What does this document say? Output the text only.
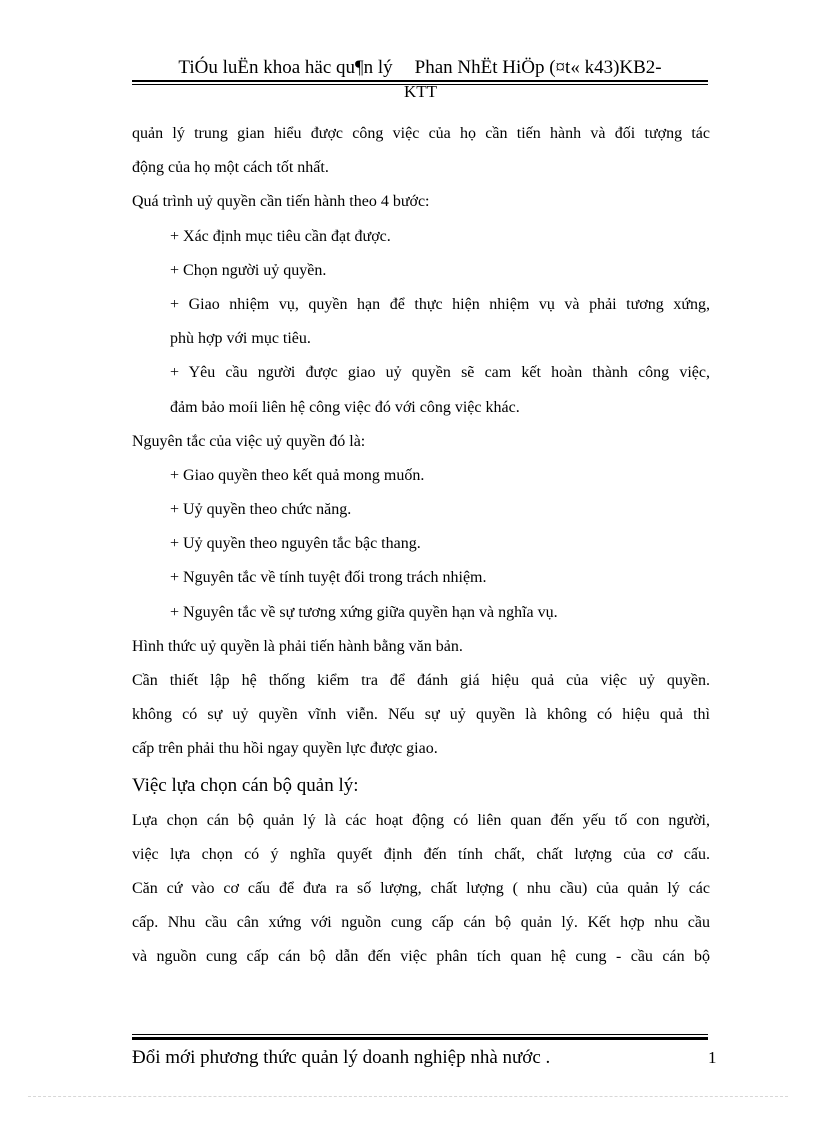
TiÓu luËn khoa häc qu¶n lý Phan NhËt HiÖp (¤t« k43)KB2-
KTT
quản lý trung gian hiểu được công việc của họ cần tiến hành và đối tượng tác
động của họ một cách tốt nhất.
Quá trình uỷ quyền cần tiến hành theo 4 bước:
+ Xác định mục tiêu cần đạt được.
+ Chọn người uỷ quyền.
+ Giao nhiệm vụ, quyền hạn để thực hiện nhiệm vụ và phải tương xứng,
phù hợp với mục tiêu.
+ Yêu cầu người được giao uỷ quyền sẽ cam kết hoàn thành công việc,
đảm bảo moíi liên hệ công việc đó với công việc khác.
Nguyên tắc của việc uỷ quyền đó là:
+ Giao quyền theo kết quả mong muốn.
+ Uỷ quyền theo chức năng.
+ Uỷ quyền theo nguyên tắc bậc thang.
+ Nguyên tắc về tính tuyệt đối trong trách nhiệm.
+ Nguyên tắc về sự tương xứng giữa quyền hạn và nghĩa vụ.
Hình thức uỷ quyền là phải tiến hành bằng văn bản.
Cần thiết lập hệ thống kiểm tra để đánh giá hiệu quả của việc uỷ quyền.
không có sự uỷ quyền vĩnh viễn. Nếu sự uỷ quyền là không có hiệu quả thì
cấp trên phải thu hồi ngay quyền lực được giao.
Việc lựa chọn cán bộ quản lý:
Lựa chọn cán bộ quản lý là các hoạt động có liên quan đến yếu tố con người,
việc lựa chọn có ý nghĩa quyết định đến tính chất, chất lượng của cơ cấu.
Căn cứ vào cơ cấu để đưa ra số lượng, chất lượng ( nhu cầu) của quản lý các
cấp. Nhu cầu cân xứng với nguồn cung cấp cán bộ quản lý. Kết hợp nhu cầu
và nguồn cung cấp cán bộ dẫn đến việc phân tích quan hệ cung - cầu cán bộ
Đổi mới phương thức quản lý doanh nghiệp nhà nước .	1
